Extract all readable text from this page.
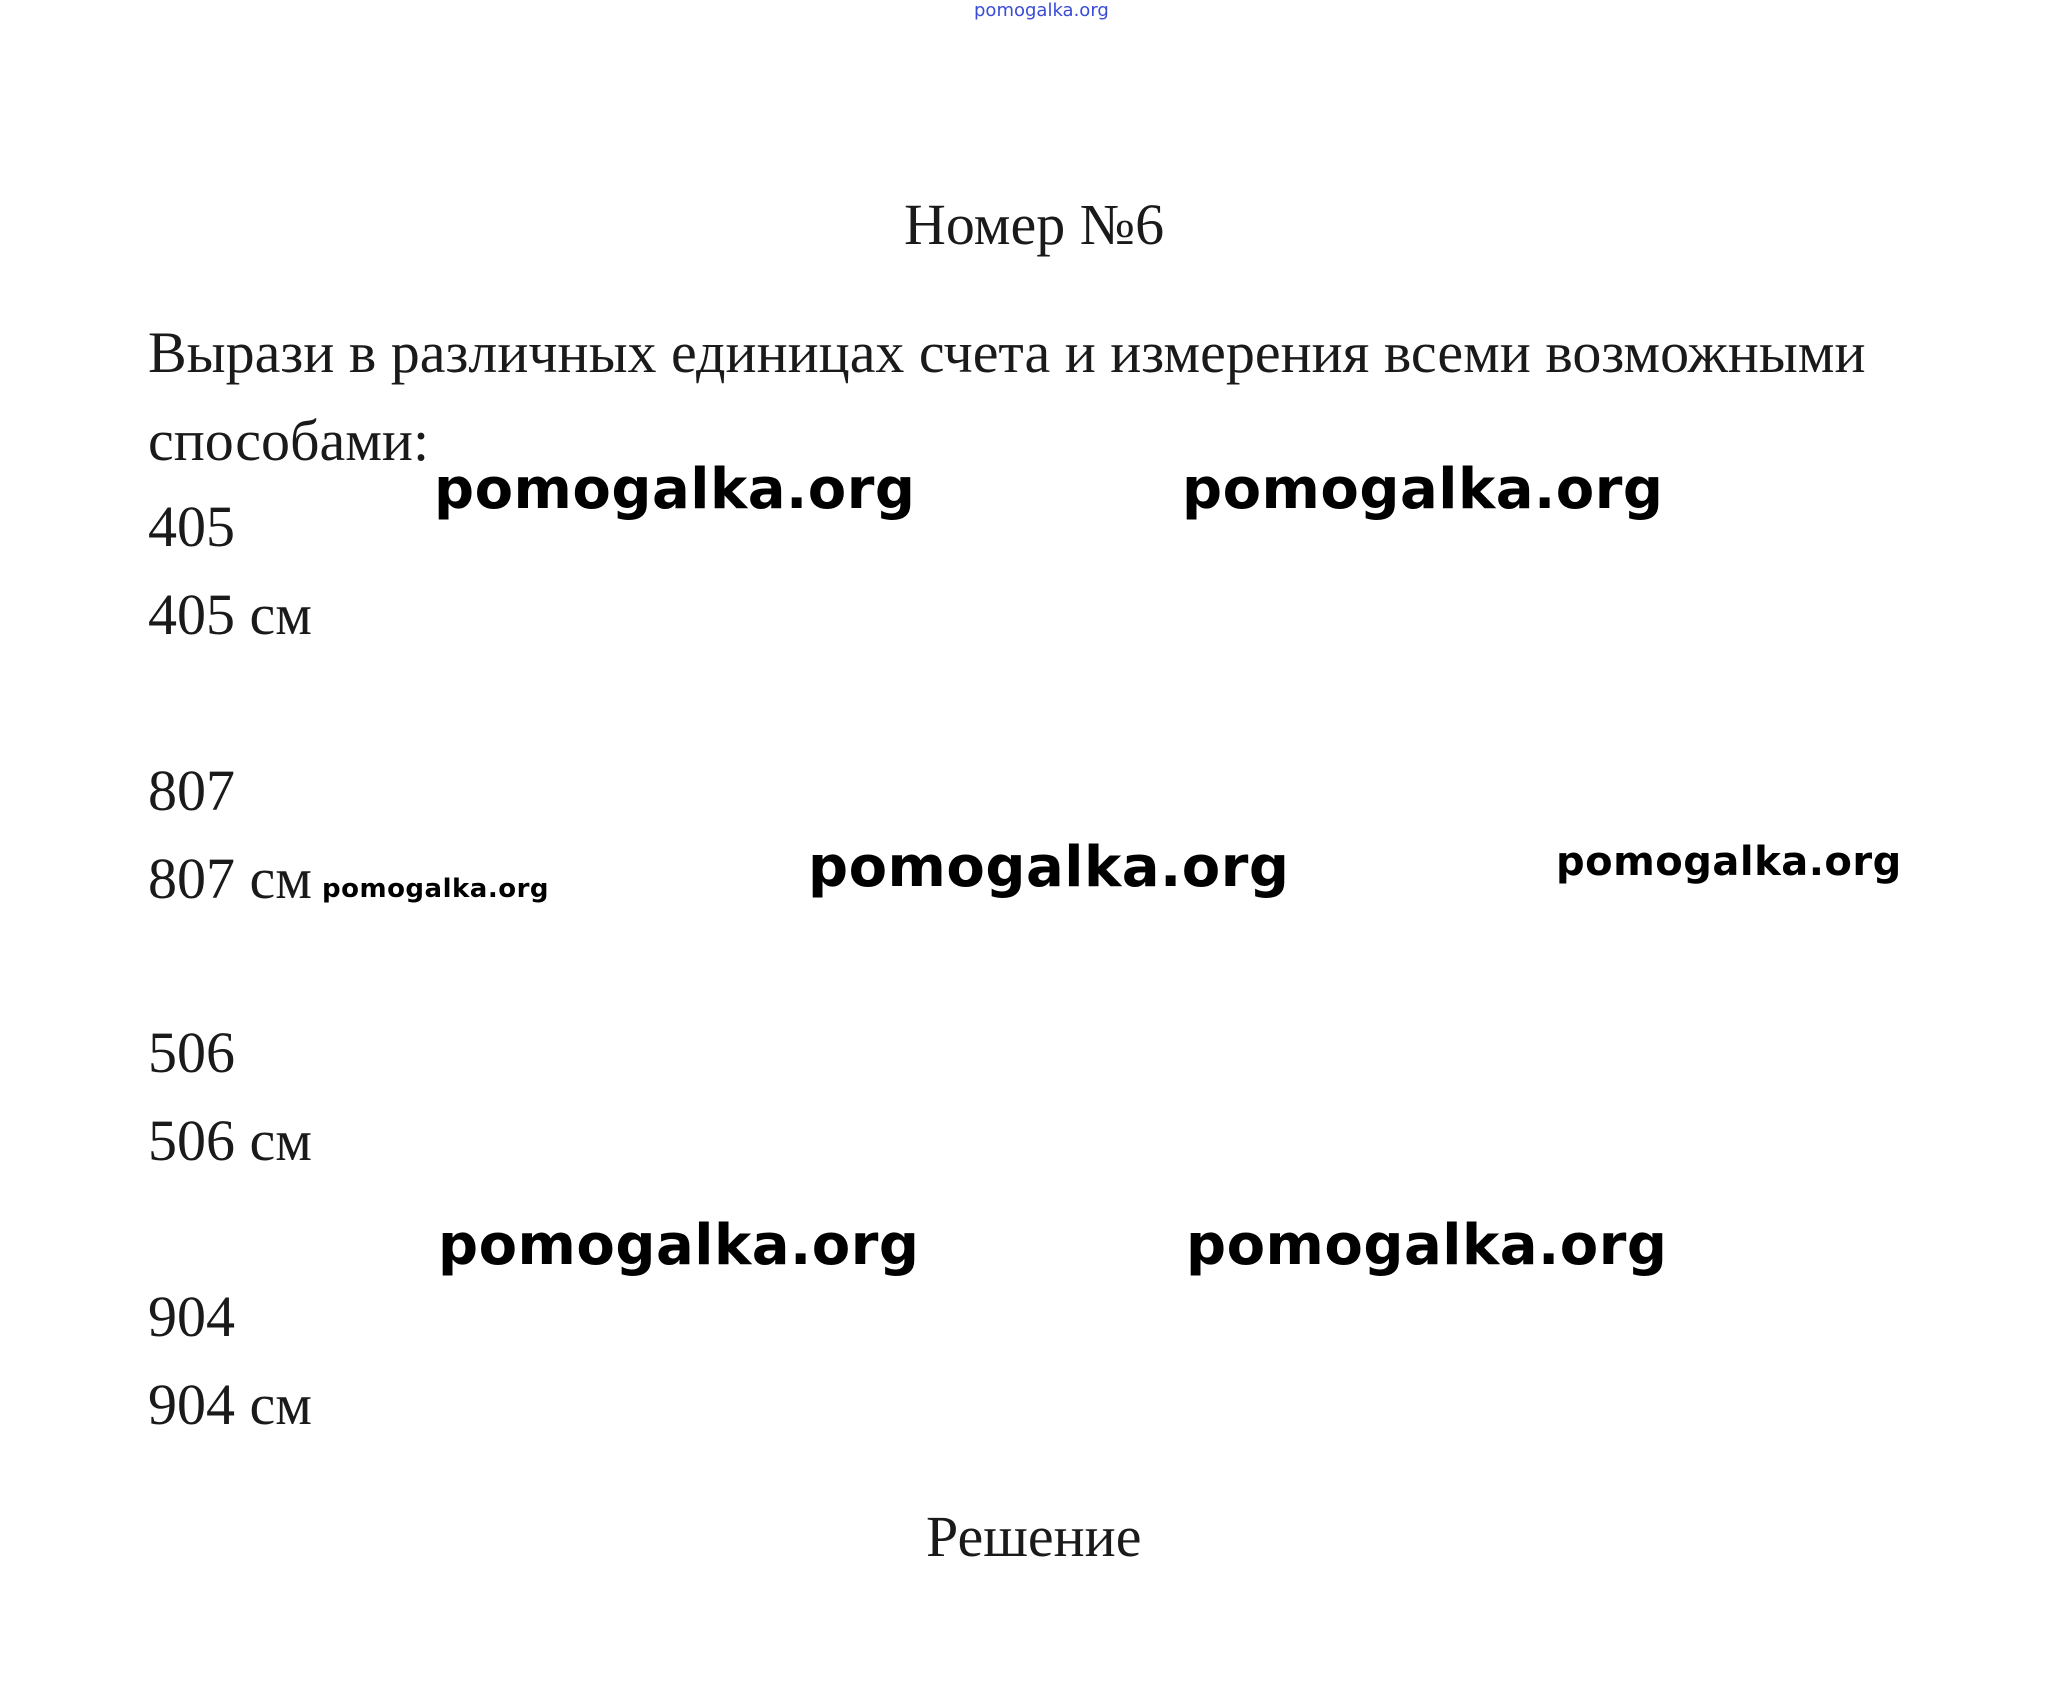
pomogalka.org
Номер №6
Вырази в различных единицах счета и измерения всеми возможными
способами:
405
405 см
807
807 см
506
506 см
904
904 см
Решение
pomogalka.org	pomogalka.org
pomogalka.org	pomogalka.org
pomogalka.org
pomogalka.org	pomogalka.org
